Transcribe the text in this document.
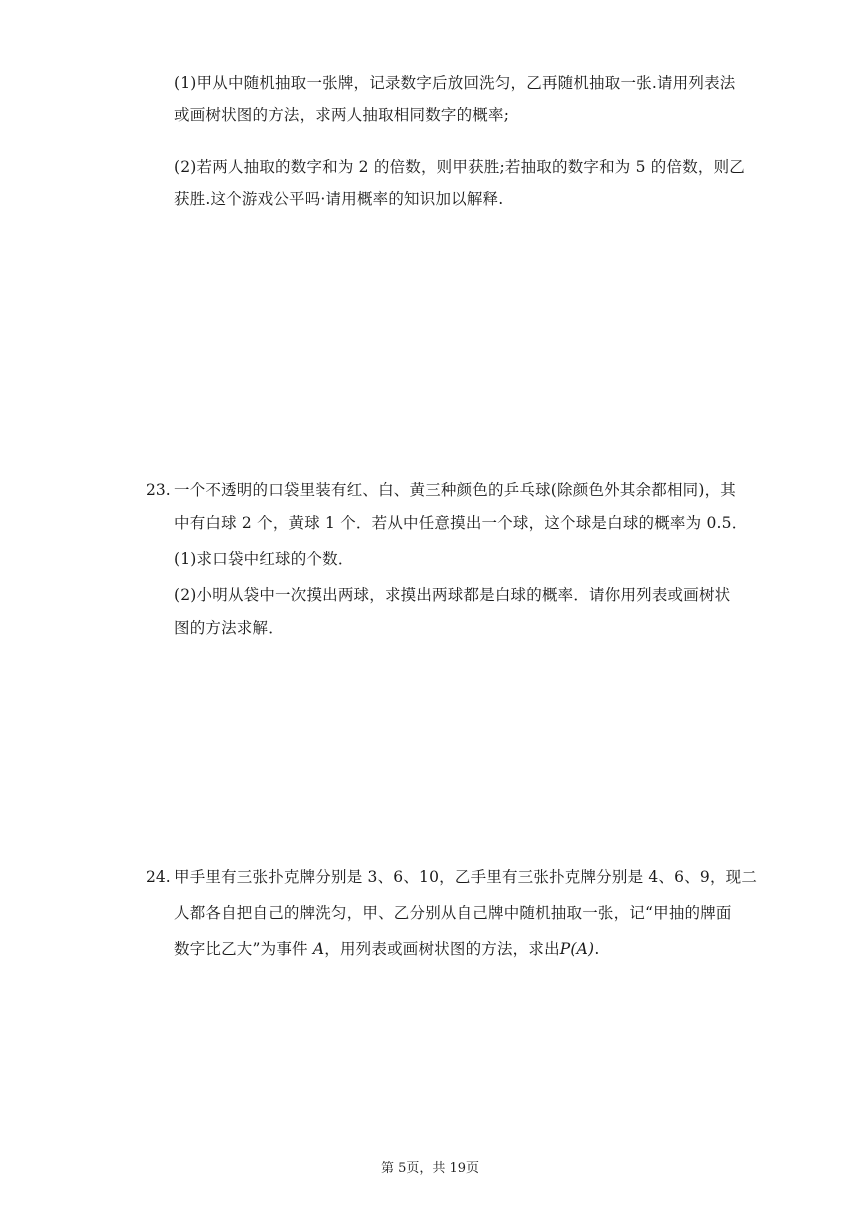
(1)甲从中随机抽取一张牌，记录数字后放回洗匀，乙再随机抽取一张.请用列表法
或画树状图的方法，求两人抽取相同数字的概率;
(2)若两人抽取的数字和为 2 的倍数，则甲获胜;若抽取的数字和为 5 的倍数，则乙
获胜.这个游戏公平吗·请用概率的知识加以解释.
23. 一个不透明的口袋里装有红、白、黄三种颜色的乒乓球(除颜色外其余都相同)，其
中有白球 2 个，黄球 1 个．若从中任意摸出一个球，这个球是白球的概率为 0.5．
(1)求口袋中红球的个数．
(2)小明从袋中一次摸出两球，求摸出两球都是白球的概率．请你用列表或画树状
图的方法求解．
24. 甲手里有三张扑克牌分别是 3、6、10，乙手里有三张扑克牌分别是 4、6、9，现二
人都各自把自己的牌洗匀，甲、乙分别从自己牌中随机抽取一张，记“甲抽的牌面
数字比乙大”为事件 A，用列表或画树状图的方法，求出P(A).
第 5页，共 19页
